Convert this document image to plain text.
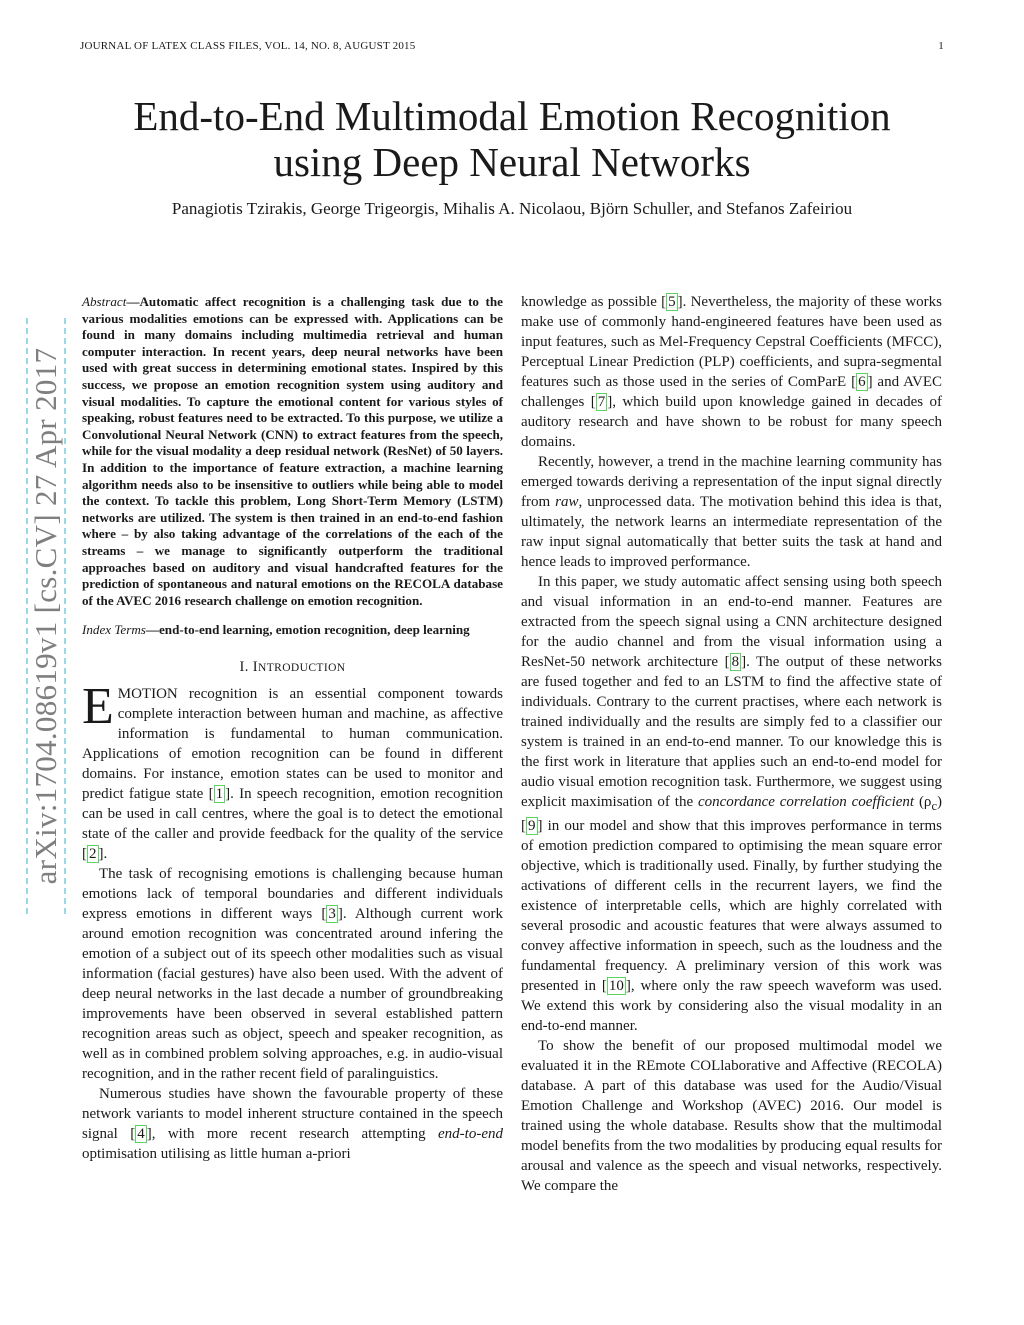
JOURNAL OF LATEX CLASS FILES, VOL. 14, NO. 8, AUGUST 2015	1
End-to-End Multimodal Emotion Recognition
using Deep Neural Networks
Panagiotis Tzirakis, George Trigeorgis, Mihalis A. Nicolaou, Björn Schuller, and Stefanos Zafeiriou
arXiv:1704.08619v1 [cs.CV] 27 Apr 2017

Abstract—Automatic affect recognition is a challenging task due to the various modalities emotions can be expressed with. Applications can be found in many domains including multimedia retrieval and human computer interaction. In recent years, deep neural networks have been used with great success in determining emotional states. Inspired by this success, we propose an emotion recognition system using auditory and visual modalities. To capture the emotional content for various styles of speaking, robust features need to be extracted. To this purpose, we utilize a Convolutional Neural Network (CNN) to extract features from the speech, while for the visual modality a deep residual network (ResNet) of 50 layers. In addition to the importance of feature extraction, a machine learning algorithm needs also to be insensitive to outliers while being able to model the context. To tackle this problem, Long Short-Term Memory (LSTM) networks are utilized. The system is then trained in an end-to-end fashion where – by also taking advantage of the correlations of the each of the streams – we manage to significantly outperform the traditional approaches based on auditory and visual handcrafted features for the prediction of spontaneous and natural emotions on the RECOLA database of the AVEC 2016 research challenge on emotion recognition.

Index Terms—end-to-end learning, emotion recognition, deep learning

I. INTRODUCTION

EMOTION recognition is an essential component towards complete interaction between human and machine, as affective information is fundamental to human communication. Applications of emotion recognition can be found in different domains. For instance, emotion states can be used to monitor and predict fatigue state [ 1 ]. In speech recognition, emotion recognition can be used in call centres, where the goal is to detect the emotional state of the caller and provide feedback for the quality of the service [ 2 ].

The task of recognising emotions is challenging because human emotions lack of temporal boundaries and different individuals express emotions in different ways [ 3 ]. Although current work around emotion recognition was concentrated around infering the emotion of a subject out of its speech other modalities such as visual information (facial gestures) have also been used. With the advent of deep neural networks in the last decade a number of groundbreaking improvements have been observed in several established pattern recognition areas such as object, speech and speaker recognition, as well as in combined problem solving approaches, e.g. in audio-visual recognition, and in the rather recent field of paralinguistics.

Numerous studies have shown the favourable property of these network variants to model inherent structure contained in the speech signal [ 4 ], with more recent research attempting end-to-end optimisation utilising as little human a-priori

knowledge as possible [ 5 ]. Nevertheless, the majority of these works make use of commonly hand-engineered features have been used as input features, such as Mel-Frequency Cepstral Coefficients (MFCC), Perceptual Linear Prediction (PLP) coefficients, and supra-segmental features such as those used in the series of ComParE [ 6 ] and AVEC challenges [ 7 ], which build upon knowledge gained in decades of auditory research and have shown to be robust for many speech domains.

Recently, however, a trend in the machine learning community has emerged towards deriving a representation of the input signal directly from raw, unprocessed data. The motivation behind this idea is that, ultimately, the network learns an intermediate representation of the raw input signal automatically that better suits the task at hand and hence leads to improved performance.

In this paper, we study automatic affect sensing using both speech and visual information in an end-to-end manner. Features are extracted from the speech signal using a CNN architecture designed for the audio channel and from the visual information using a ResNet-50 network architecture [ 8 ]. The output of these networks are fused together and fed to an LSTM to find the affective state of individuals. Contrary to the current practises, where each network is trained individually and the results are simply fed to a classifier our system is trained in an end-to-end manner. To our knowledge this is the first work in literature that applies such an end-to-end model for audio visual emotion recognition task. Furthermore, we suggest using explicit maximisation of the concordance correlation coefficient $(\rho_c)$ [ 9 ] in our model and show that this improves performance in terms of emotion prediction compared to optimising the mean square error objective, which is traditionally used. Finally, by further studying the activations of different cells in the recurrent layers, we find the existence of interpretable cells, which are highly correlated with several prosodic and acoustic features that were always assumed to convey affective information in speech, such as the loudness and the fundamental frequency. A preliminary version of this work was presented in [ 10 ], where only the raw speech waveform was used. We extend this work by considering also the visual modality in an end-to-end manner.

To show the benefit of our proposed multimodal model we evaluated it in the REmote COLlaborative and Affective (RECOLA) database. A part of this database was used for the Audio/Visual Emotion Challenge and Workshop (AVEC) 2016. Our model is trained using the whole database. Results show that the multimodal model benefits from the two modalities by producing equal results for arousal and valence as the speech and visual networks, respectively. We compare the
